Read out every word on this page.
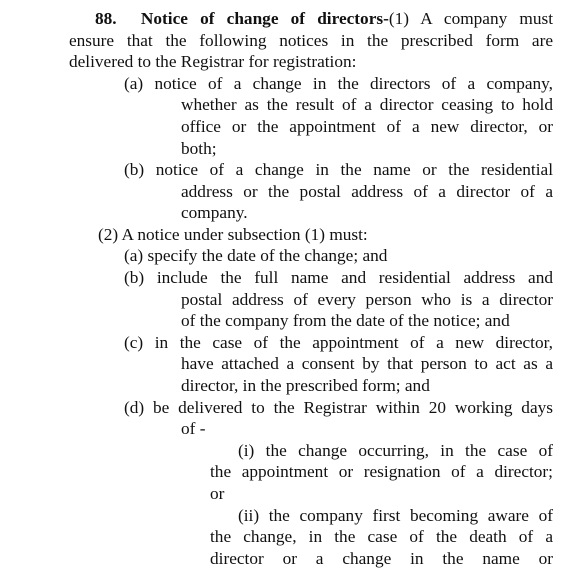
88. Notice of change of directors-(1) A company must
ensure that the following notices in the prescribed form are
delivered to the Registrar for registration:
(a) notice of a change in the directors of a company,
whether as the result of a director ceasing to hold
office or the appointment of a new director, or
both;
(b) notice of a change in the name or the residential
address or the postal address of a director of a
company.
(2) A notice under subsection (1) must:
(a) specify the date of the change; and
(b) include the full name and residential address and
postal address of every person who is a director
of the company from the date of the notice; and
(c) in the case of the appointment of a new director,
have attached a consent by that person to act as a
director, in the prescribed form; and
(d) be delivered to the Registrar within 20 working days
of -
(i) the change occurring, in the case of
the appointment or resignation of a director;
or
(ii) the company first becoming aware of
the change, in the case of the death of a
director or a change in the name or
